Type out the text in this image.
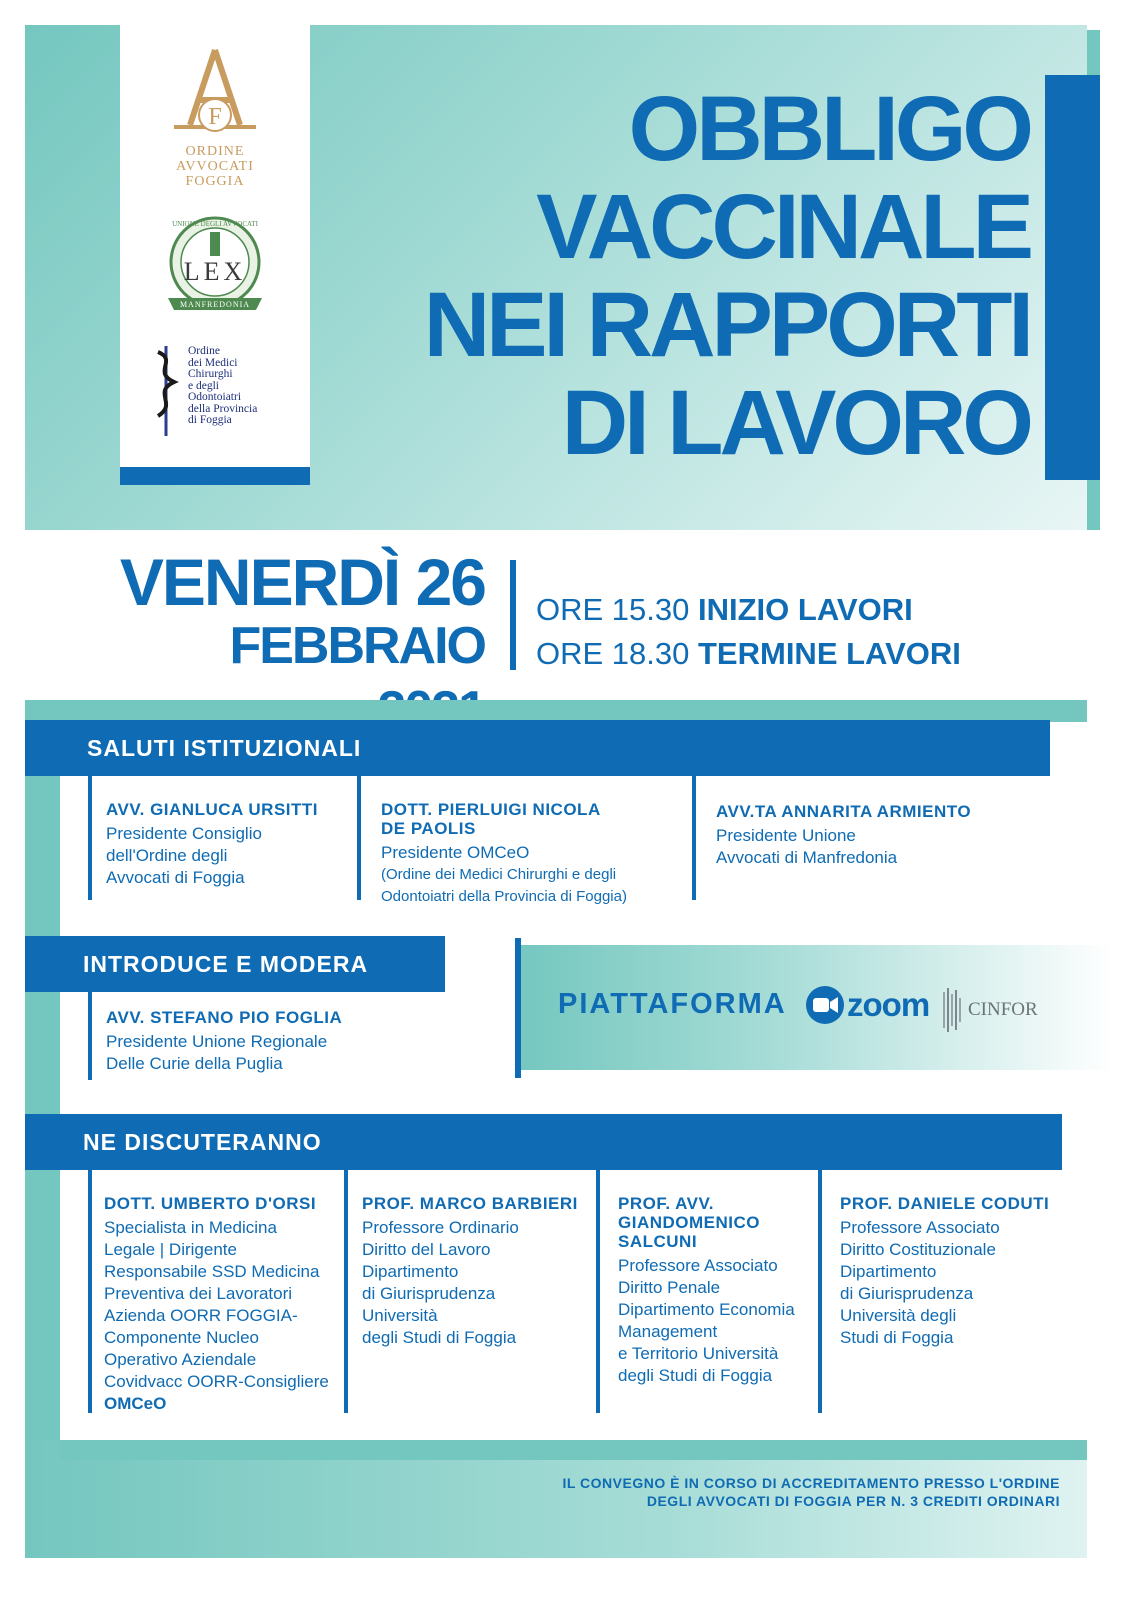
F
ORDINE
AVVOCATI
FOGGIA
LEX
MANFREDONIA
UNIONE DEGLI AVVOCATI
Ordine
dei Medici
Chirurghi
e degli
Odontoiatri
della Provincia
di Foggia
OBBLIGO
VACCINALE
NEI RAPPORTI
DI LAVORO
VENERDÌ 26
FEBBRAIO
ORE 15.30 INIZIO LAVORI
ORE 18.30 TERMINE LAVORI
SALUTI ISTITUZIONALI
AVV. GIANLUCA URSITTI
Presidente Consiglio
dell'Ordine degli
Avvocati di Foggia
DOTT. PIERLUIGI NICOLA
DE PAOLIS
Presidente OMCeO
(Ordine dei Medici Chirurghi e degli
Odontoiatri della Provincia di Foggia)
AVV.TA ANNARITA ARMIENTO
Presidente Unione
Avvocati di Manfredonia
INTRODUCE E MODERA
AVV. STEFANO PIO FOGLIA
Presidente Unione Regionale
Delle Curie della Puglia
PIATTAFORMA zoom CINFOR
NE DISCUTERANNO
DOTT. UMBERTO D'ORSI
Specialista in Medicina
Legale | Dirigente
Responsabile SSD Medicina
Preventiva dei Lavoratori
Azienda OORR FOGGIA-
Componente Nucleo
Operativo Aziendale
Covidvacc OORR-Consigliere
OMCeO
PROF. MARCO BARBIERI
Professore Ordinario
Diritto del Lavoro
Dipartimento
di Giurisprudenza
Università
degli Studi di Foggia
PROF. AVV.
GIANDOMENICO
SALCUNI
Professore Associato
Diritto Penale
Dipartimento Economia
Management
e Territorio Università
degli Studi di Foggia
PROF. DANIELE CODUTI
Professore Associato
Diritto Costituzionale
Dipartimento
di Giurisprudenza
Università degli
Studi di Foggia
IL CONVEGNO È IN CORSO DI ACCREDITAMENTO PRESSO L'ORDINE
DEGLI AVVOCATI DI FOGGIA PER N. 3 CREDITI ORDINARI
